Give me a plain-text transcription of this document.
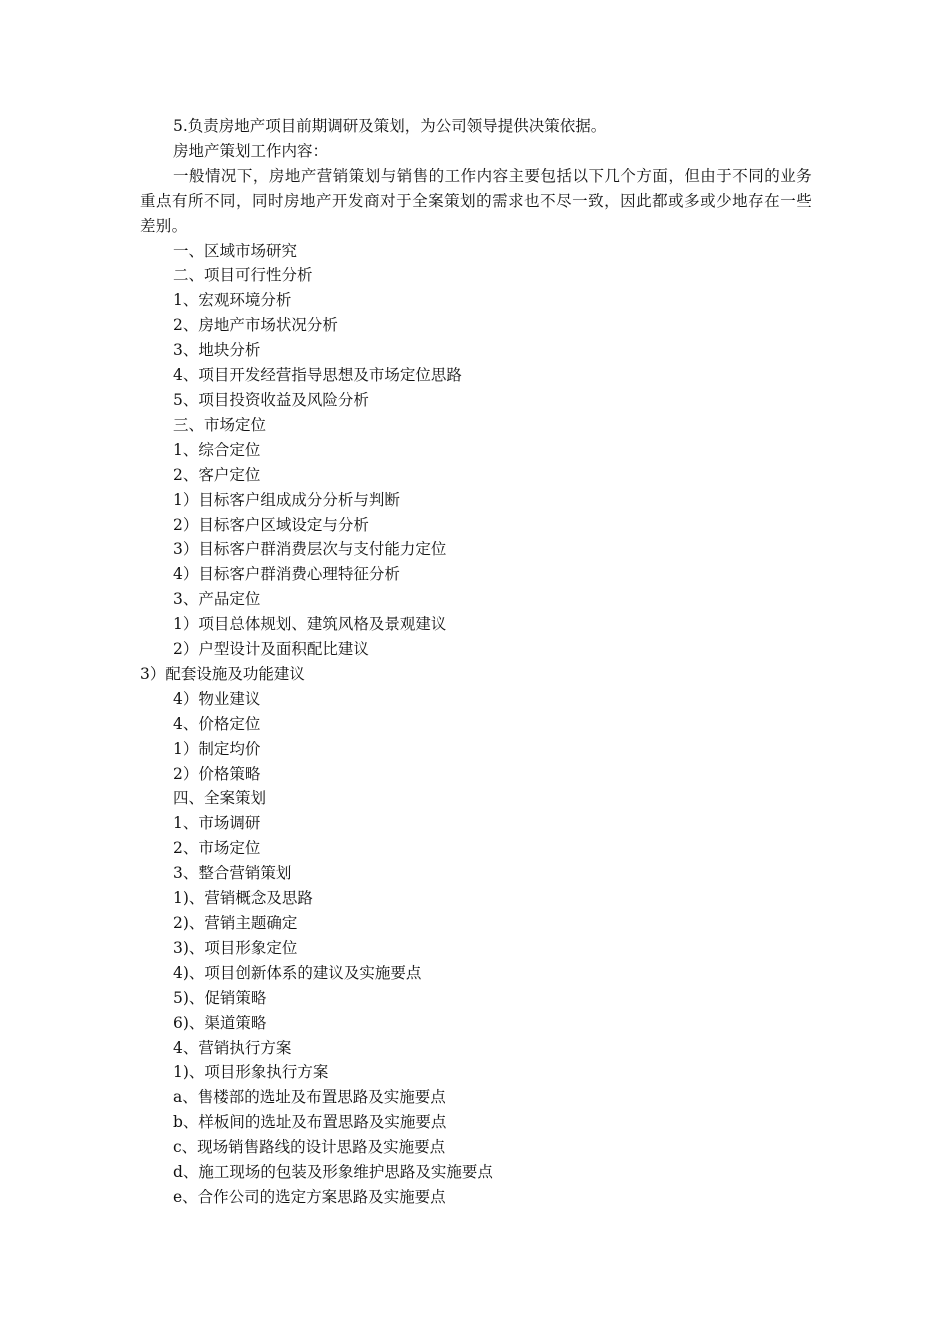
5.负责房地产项目前期调研及策划，为公司领导提供决策依据。
房地产策划工作内容：
一般情况下，房地产营销策划与销售的工作内容主要包括以下几个方面，但由于不同的业务重点有所不同，同时房地产开发商对于全案策划的需求也不尽一致，因此都或多或少地存在一些差别。
一、区域市场研究
二、项目可行性分析
1、宏观环境分析
2、房地产市场状况分析
3、地块分析
4、项目开发经营指导思想及市场定位思路
5、项目投资收益及风险分析
三、市场定位
1、综合定位
2、客户定位
1）目标客户组成成分分析与判断
2）目标客户区域设定与分析
3）目标客户群消费层次与支付能力定位
4）目标客户群消费心理特征分析
3、产品定位
1）项目总体规划、建筑风格及景观建议
2）户型设计及面积配比建议
3）配套设施及功能建议
4）物业建议
4、价格定位
1）制定均价
2）价格策略
四、全案策划
1、市场调研
2、市场定位
3、整合营销策划
1)、营销概念及思路
2)、营销主题确定
3)、项目形象定位
4)、项目创新体系的建议及实施要点
5)、促销策略
6)、渠道策略
4、营销执行方案
1)、项目形象执行方案
a、售楼部的选址及布置思路及实施要点
b、样板间的选址及布置思路及实施要点
c、现场销售路线的设计思路及实施要点
d、施工现场的包装及形象维护思路及实施要点
e、合作公司的选定方案思路及实施要点
